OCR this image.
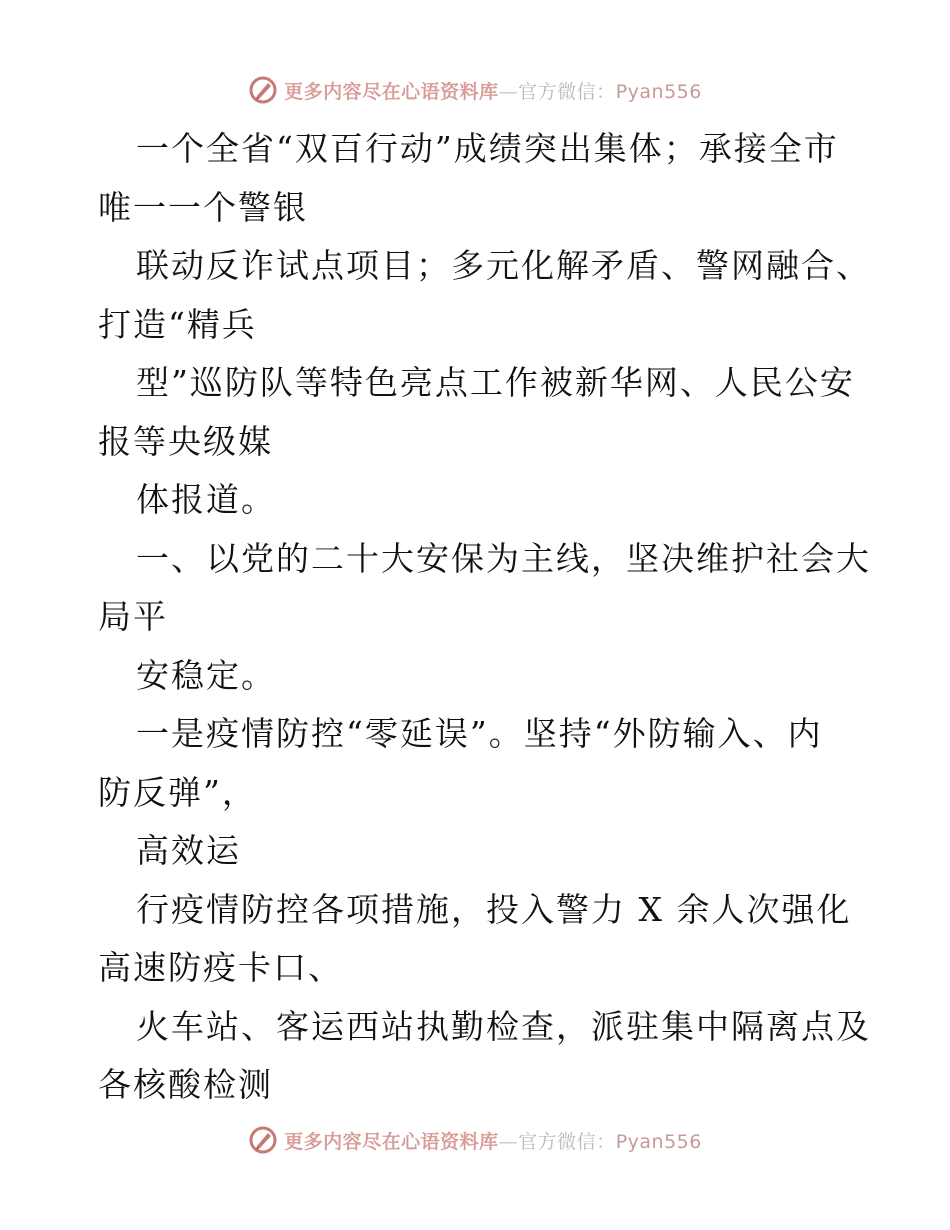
更多内容尽在心语资料库—官方微信：Pyan556
一个全省“双百行动”成绩突出集体；承接全市
唯一一个警银
联动反诈试点项目；多元化解矛盾、警网融合、
打造“精兵
型”巡防队等特色亮点工作被新华网、人民公安
报等央级媒
体报道。
一、以党的二十大安保为主线，坚决维护社会大
局平
安稳定。
一是疫情防控“零延误”。坚持“外防输入、内
防反弹”，
高效运
行疫情防控各项措施，投入警力 X 余人次强化
高速防疫卡口、
火车站、客运西站执勤检查，派驻集中隔离点及
各核酸检测
更多内容尽在心语资料库—官方微信：Pyan556
